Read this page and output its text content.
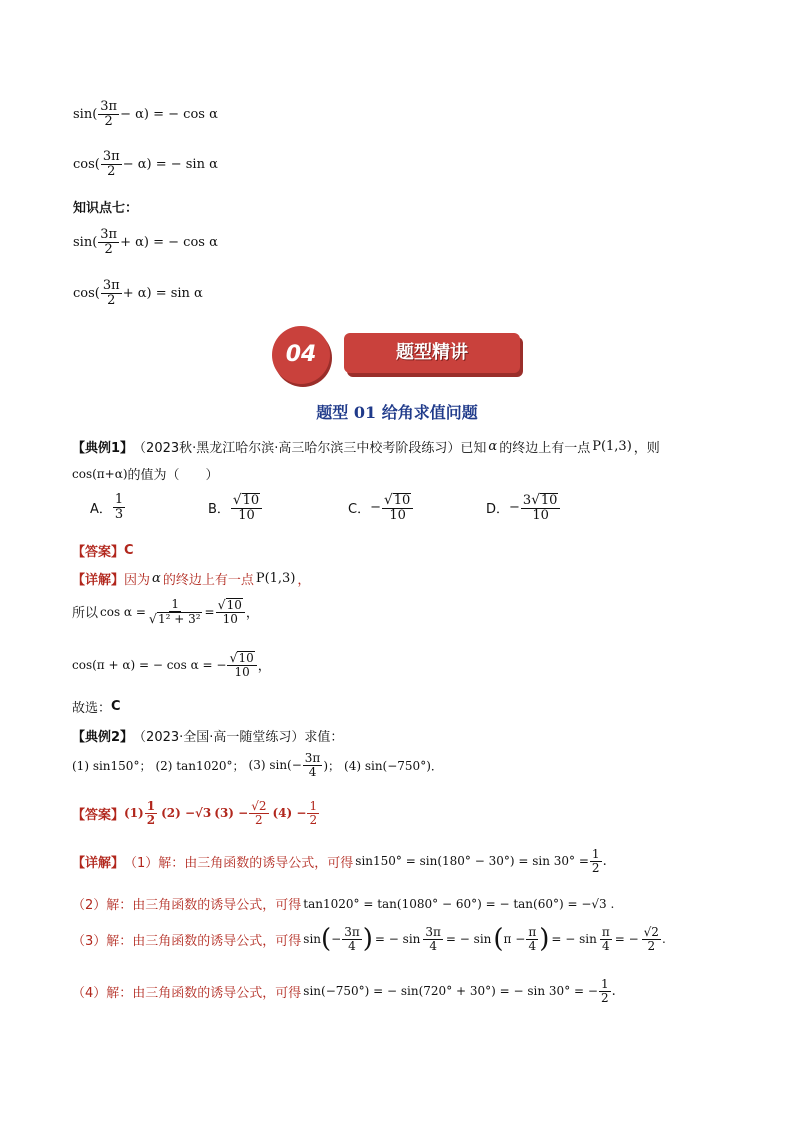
$\sin( \frac{3\pi}{2} - \alpha)$ = − cos α
$\cos( \frac{3\pi}{2} - \alpha)$ = − sin α
知识点七：
$\sin( \frac{3\pi}{2} + \alpha)$ = − cos α
$\cos( \frac{3\pi}{2} + \alpha) = \sin \alpha$
题型精讲
04
题型 01 给角求值问题
【典例1】 （2023秋·黑龙江哈尔滨·高三哈尔滨三中校考阶段练习）已知 α 的终边上有一点 P(1,3) ，则
cos(π+α) 的值为（　　）
A． $\frac{1}{3}$	B． $\frac{√ 10}{10}$	C． − $\frac{√ 10}{10}$	D． − $\frac{3 √ 10}{10}$
【答案】 C
【详解】 因为 α 的终边上有一点 P(1,3) ，
所以 $\cos \alpha = \frac{1}{\text{√ 1² + 3²}} = \frac{√ 10}{10}$ ，
cos(π + α) = − cos α = − $\frac{√ 10}{10}$ ，
故选： C
【典例2】 （2023·全国·高一随堂练习）求值：
(1) sin150°； (2) tan1020°； (3) $\sin(- \frac{3\pi}{4}$ )； (4) sin(−750°)．
【答案】 $(1) \frac{1}{2} (2) -√3$ $(3) - \frac{√2}{2} (4) - \frac{1}{2}$
【详解】 （1）解：由三角函数的诱导公式，可得 $\sin 150^\circ = \sin(180^\circ - 30^\circ) = \sin 30^\circ = \frac{1}{2}$ .
（2）解：由三角函数的诱导公式，可得 tan1020° = tan(1080° − 60°) = − tan(60°) = −√3 .
（3）解：由三角函数的诱导公式，可得 sin ( − $\frac{3\pi}{4}$ ) = − $\sin \frac{3\pi}{4}$ = − sin ( $\pi - \frac{\pi}{4}$ ) = − $\sin \frac{\pi}{4}$ = − $\frac{√2}{2}$ .
（4）解：由三角函数的诱导公式，可得 sin(−750°) = − sin(720° + 30°) = − sin 30° = − $\frac{1}{2}$ .
